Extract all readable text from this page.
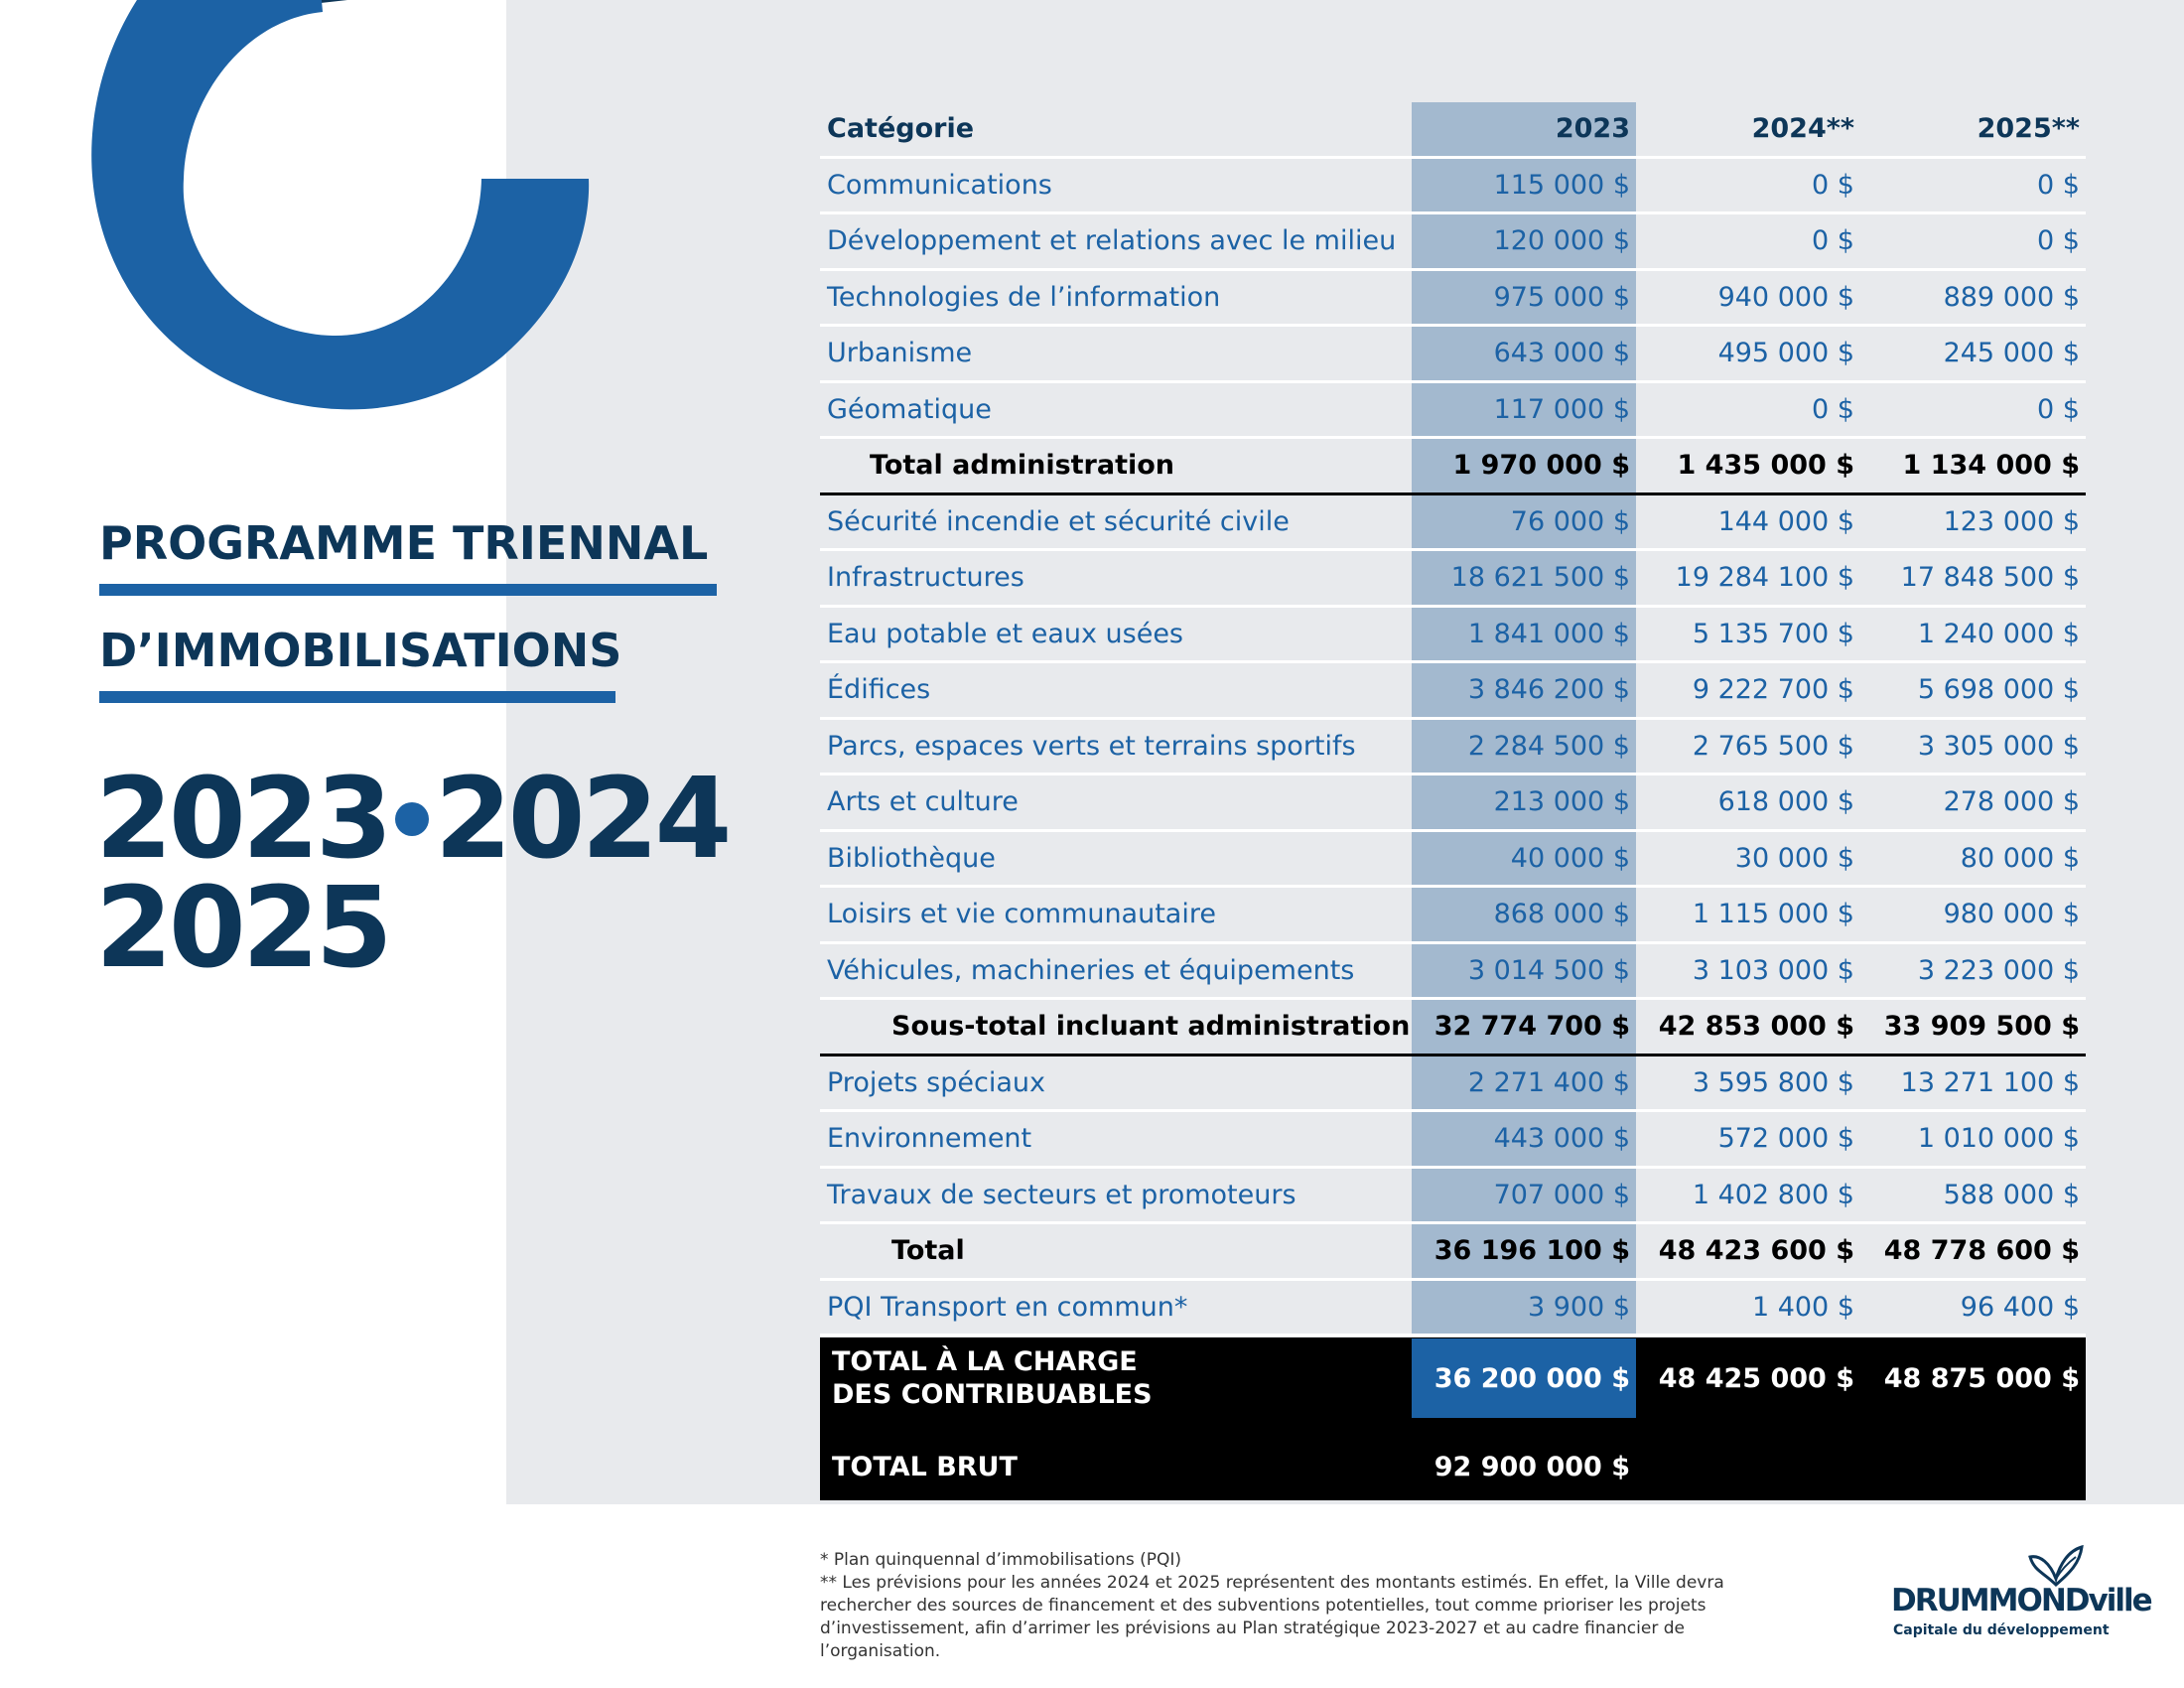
PROGRAMME TRIENNAL
D’IMMOBILISATIONS
2023 2024
2025
Catégorie	2023	2024**	2025**
Communications	115 000 $	0 $	0 $
Développement et relations avec le milieu	120 000 $	0 $	0 $
Technologies de l’information	975 000 $	940 000 $	889 000 $
Urbanisme	643 000 $	495 000 $	245 000 $
Géomatique	117 000 $	0 $	0 $
Total administration	1 970 000 $	1 435 000 $	1 134 000 $
Sécurité incendie et sécurité civile	76 000 $	144 000 $	123 000 $
Infrastructures	18 621 500 $	19 284 100 $	17 848 500 $
Eau potable et eaux usées	1 841 000 $	5 135 700 $	1 240 000 $
Édifices	3 846 200 $	9 222 700 $	5 698 000 $
Parcs, espaces verts et terrains sportifs	2 284 500 $	2 765 500 $	3 305 000 $
Arts et culture	213 000 $	618 000 $	278 000 $
Bibliothèque	40 000 $	30 000 $	80 000 $
Loisirs et vie communautaire	868 000 $	1 115 000 $	980 000 $
Véhicules, machineries et équipements	3 014 500 $	3 103 000 $	3 223 000 $
Sous-total incluant administration 32 774 700 $	42 853 000 $	33 909 500 $
Projets spéciaux	2 271 400 $	3 595 800 $	13 271 100 $
Environnement	443 000 $	572 000 $	1 010 000 $
Travaux de secteurs et promoteurs	707 000 $	1 402 800 $	588 000 $
Total	36 196 100 $	48 423 600 $	48 778 600 $
PQI Transport en commun*	3 900 $	1 400 $	96 400 $
TOTAL À LA CHARGE
DES CONTRIBUABLES
36 200 000 $	48 425 000 $	48 875 000 $
TOTAL BRUT	92 900 000 $
* Plan quinquennal d’immobilisations (PQI)
** Les prévisions pour les années 2024 et 2025 représentent des montants estimés. En effet, la Ville devra rechercher des sources de financement et des subventions potentielles, tout comme prioriser les projets d’investissement, afin d’arrimer les prévisions au Plan stratégique 2023-2027 et au cadre financier de l’organisation.
DRUMMONDville
Capitale du développement
